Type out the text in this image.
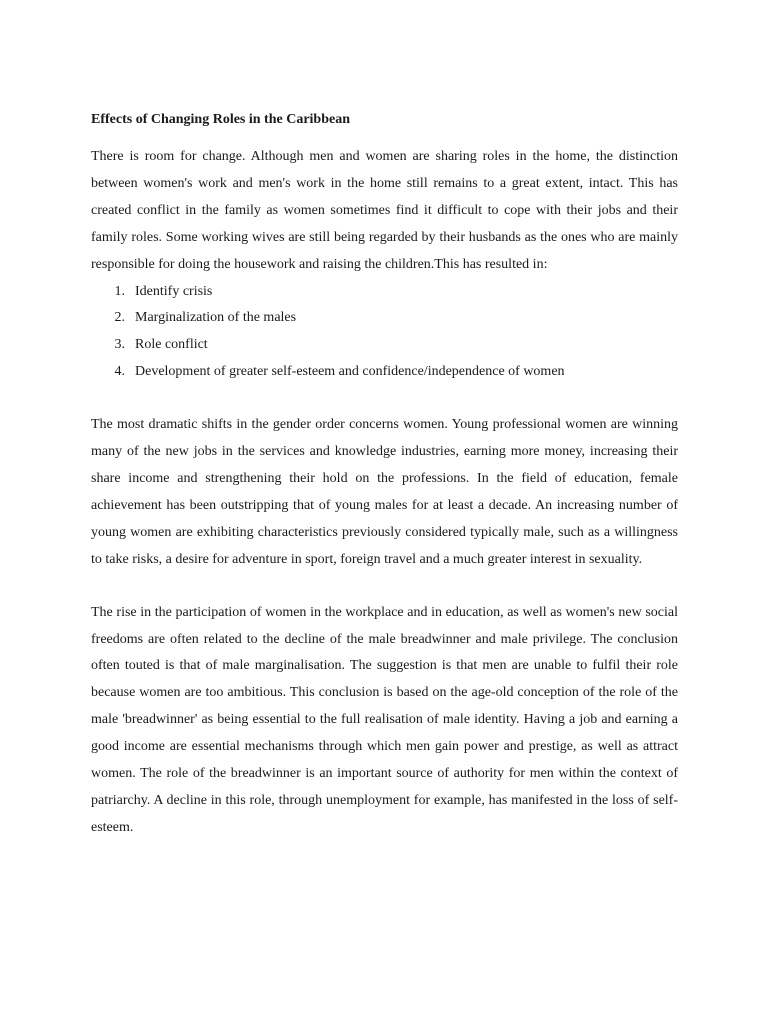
Effects of Changing Roles in the Caribbean

There is room for change. Although men and women are sharing roles in the home, the distinction between women's work and men's work in the home still remains to a great extent, intact. This has created conflict in the family as women sometimes find it difficult to cope with their jobs and their family roles. Some working wives are still being regarded by their husbands as the ones who are mainly responsible for doing the housework and raising the children.This has resulted in:

1. Identify crisis
2. Marginalization of the males
3. Role conflict
4. Development of greater self-esteem and confidence/independence of women

The most dramatic shifts in the gender order concerns women. Young professional women are winning many of the new jobs in the services and knowledge industries, earning more money, increasing their share income and strengthening their hold on the professions. In the field of education, female achievement has been outstripping that of young males for at least a decade. An increasing number of young women are exhibiting characteristics previously considered typically male, such as a willingness to take risks, a desire for adventure in sport, foreign travel and a much greater interest in sexuality.

The rise in the participation of women in the workplace and in education, as well as women's new social freedoms are often related to the decline of the male breadwinner and male privilege. The conclusion often touted is that of male marginalisation. The suggestion is that men are unable to fulfil their role because women are too ambitious. This conclusion is based on the age-old conception of the role of the male 'breadwinner' as being essential to the full realisation of male identity. Having a job and earning a good income are essential mechanisms through which men gain power and prestige, as well as attract women. The role of the breadwinner is an important source of authority for men within the context of patriarchy. A decline in this role, through unemployment for example, has manifested in the loss of self-esteem.
